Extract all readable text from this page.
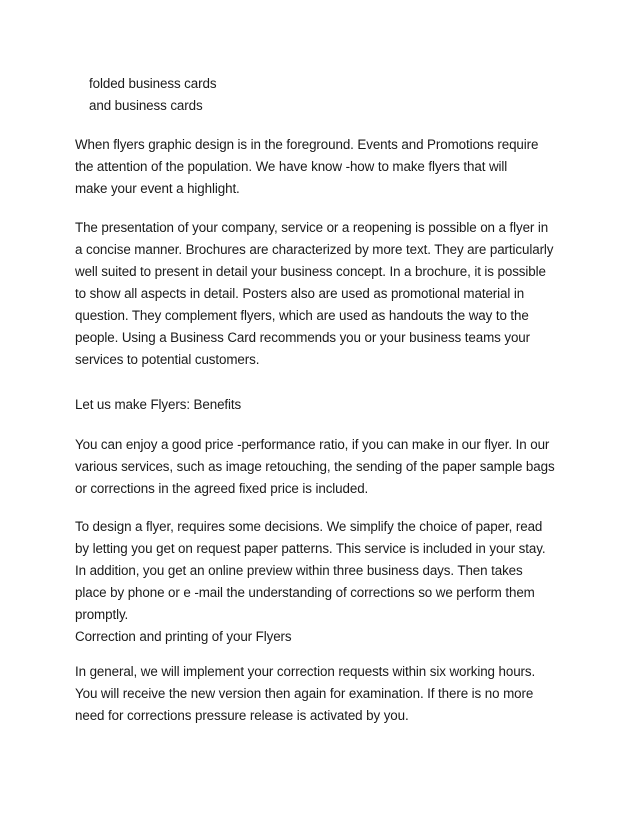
folded business cards
and business cards
When flyers graphic design is in the foreground. Events and Promotions require
the attention of the population. We have know -how to make flyers that will
make your event a highlight.
The presentation of your company, service or a reopening is possible on a flyer in
a concise manner. Brochures are characterized by more text. They are particularly
well suited to present in detail your business concept. In a brochure, it is possible
to show all aspects in detail. Posters also are used as promotional material in
question. They complement flyers, which are used as handouts the way to the
people. Using a Business Card recommends you or your business teams your
services to potential customers.
Let us make Flyers: Benefits
You can enjoy a good price -performance ratio, if you can make in our flyer. In our
various services, such as image retouching, the sending of the paper sample bags
or corrections in the agreed fixed price is included.
To design a flyer, requires some decisions. We simplify the choice of paper, read
by letting you get on request paper patterns. This service is included in your stay.
In addition, you get an online preview within three business days. Then takes
place by phone or e -mail the understanding of corrections so we perform them
promptly.
Correction and printing of your Flyers
In general, we will implement your correction requests within six working hours.
You will receive the new version then again for examination. If there is no more
need for corrections pressure release is activated by you.
